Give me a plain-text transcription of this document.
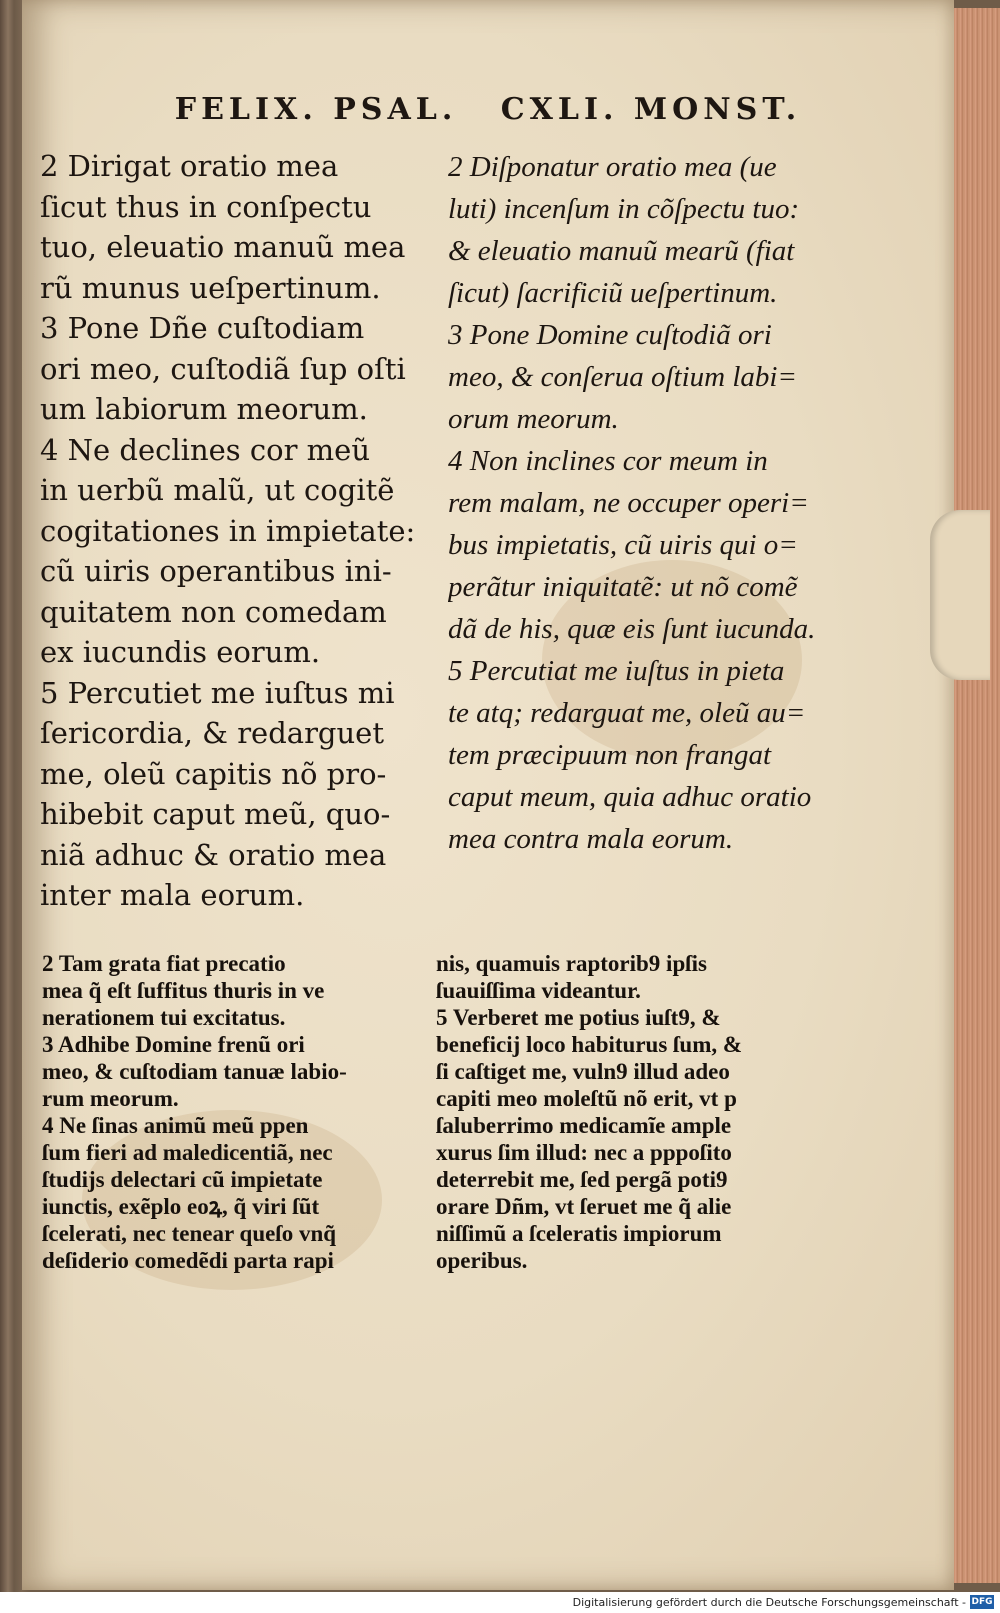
FELIX. PSAL. CXLI. MONST.
2 Dirigat oratio mea
ſicut thus in conſpectu
tuo, eleuatio manuũ mea
rũ munus ueſpertinum.
3 Pone Dñe cuſtodiam
ori meo, cuſtodiã ſup oſti
um labiorum meorum.
4 Ne declines cor meũ
in uerbũ malũ, ut cogitẽ
cogitationes in impietate:
cũ uiris operantibus ini-
quitatem non comedam
ex iucundis eorum.
5 Percutiet me iuſtus mi
ſericordia, & redarguet
me, oleũ capitis nõ pro-
hibebit caput meũ, quo-
niã adhuc & oratio mea
inter mala eorum.
2 Diſponatur oratio mea (ue
luti) incenſum in cõſpectu tuo:
& eleuatio manuũ mearũ (fiat
ſicut) ſacrificiũ ueſpertinum.
3 Pone Domine cuſtodiã ori
meo, & conſerua oſtium labi=
orum meorum.
4 Non inclines cor meum in
rem malam, ne occuper operi=
bus impietatis, cũ uiris qui o=
perãtur iniquitatẽ: ut nõ comẽ
dã de his, quæ eis ſunt iucunda.
5 Percutiat me iuſtus in pieta
te atq; redarguat me, oleũ au=
tem præcipuum non frangat
caput meum, quia adhuc oratio
mea contra mala eorum.
2 Tam grata fiat precatio
mea q̃ eſt ſuffitus thuris in ve
nerationem tui excitatus.
3 Adhibe Domine frenũ ori
meo, & cuſtodiam tanuæ labio-
rum meorum.
4 Ne ſinas animũ meũ ppen
ſum fieri ad maledicentiã, nec
ſtudijs delectari cũ impietate
iunctis, exẽplo eoꝝ, q̃ viri ſũt
ſcelerati, nec tenear queſo vnq̃
deſiderio comedẽdi parta rapi
nis, quamuis raptorib9 ipſis
ſuauiſſima videantur.
5 Verberet me potius iuſt9, &
beneficij loco habiturus ſum, &
ſi caſtiget me, vuln9 illud adeo
capiti meo moleſtũ nõ erit, vt p
ſaluberrimo medicamĩe ample
xurus ſim illud: nec a pppoſito
deterrebit me, ſed pergã poti9
orare Dñm, vt ſeruet me q̃ alie
niſſimũ a ſceleratis impiorum
operibus.
Digitalisierung gefördert durch die Deutsche Forschungsgemeinschaft - DFG
